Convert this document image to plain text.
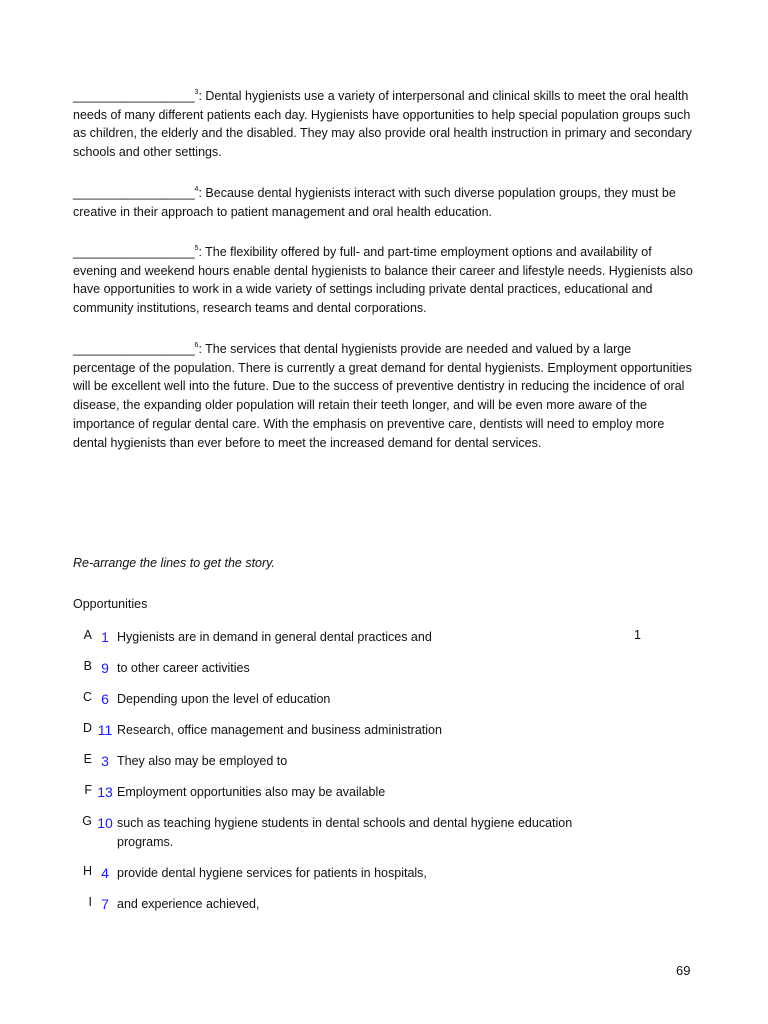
__________________$^3$: Dental hygienists use a variety of interpersonal and clinical skills to meet the oral health needs of many different patients each day. Hygienists have opportunities to help special population groups such as children, the elderly and the disabled. They may also provide oral health instruction in primary and secondary schools and other settings.
__________________$^4$: Because dental hygienists interact with such diverse population groups, they must be creative in their approach to patient management and oral health education.
__________________$^5$: The flexibility offered by full- and part-time employment options and availability of evening and weekend hours enable dental hygienists to balance their career and lifestyle needs. Hygienists also have opportunities to work in a wide variety of settings including private dental practices, educational and community institutions, research teams and dental corporations.
__________________$^6$: The services that dental hygienists provide are needed and valued by a large percentage of the population. There is currently a great demand for dental hygienists. Employment opportunities will be excellent well into the future. Due to the success of preventive dentistry in reducing the incidence of oral disease, the expanding older population will retain their teeth longer, and will be even more aware of the importance of regular dental care. With the emphasis on preventive care, dentists will need to employ more dental hygienists than ever before to meet the increased demand for dental services.
Re-arrange the lines to get the story.
Opportunities
A 1 Hygienists are in demand in general dental practices and	1
B 9 to other career activities
C 6 Depending upon the level of education
D 11 Research, office management and business administration
E 3 They also may be employed to
F 13 Employment opportunities also may be available
G 10 such as teaching hygiene students in dental schools and dental hygiene education programs.
H 4 provide dental hygiene services for patients in hospitals,
I 7 and experience achieved,
69
